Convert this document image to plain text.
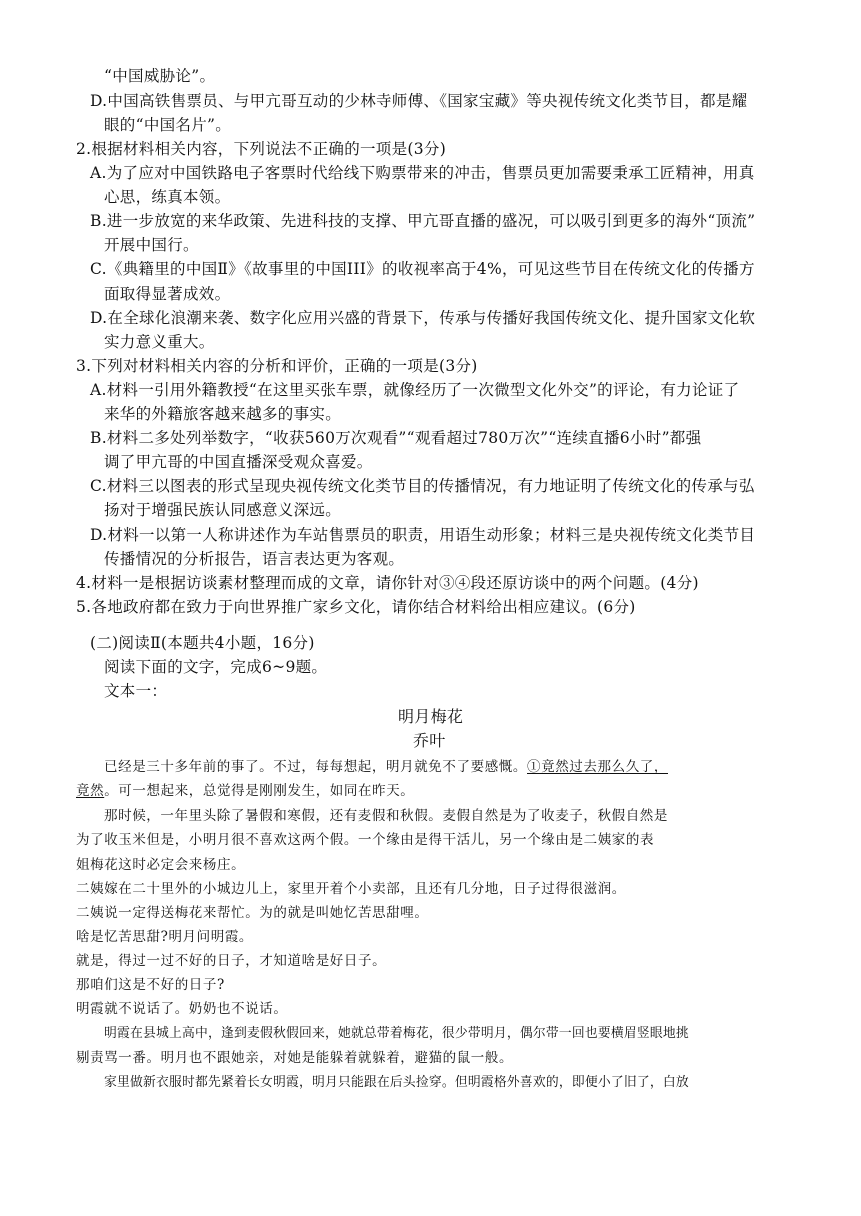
“中国威胁论”。
D.中国高铁售票员、与甲亢哥互动的少林寺师傅、《国家宝藏》等央视传统文化类节目，都是耀
眼的“中国名片”。
2.根据材料相关内容，下列说法不正确的一项是(3分)
A.为了应对中国铁路电子客票时代给线下购票带来的冲击，售票员更加需要秉承工匠精神，用真
心思，练真本领。
B.进一步放宽的来华政策、先进科技的支撑、甲亢哥直播的盛况，可以吸引到更多的海外“顶流”
开展中国行。
C.《典籍里的中国Ⅱ》《故事里的中国III》的收视率高于4%，可见这些节目在传统文化的传播方
面取得显著成效。
D.在全球化浪潮来袭、数字化应用兴盛的背景下，传承与传播好我国传统文化、提升国家文化软
实力意义重大。
3.下列对材料相关内容的分析和评价，正确的一项是(3分)
A.材料一引用外籍教授“在这里买张车票，就像经历了一次微型文化外交”的评论，有力论证了
来华的外籍旅客越来越多的事实。
B.材料二多处列举数字，“收获560万次观看”“观看超过780万次”“连续直播6小时”都强
调了甲亢哥的中国直播深受观众喜爱。
C.材料三以图表的形式呈现央视传统文化类节目的传播情况，有力地证明了传统文化的传承与弘
扬对于增强民族认同感意义深远。
D.材料一以第一人称讲述作为车站售票员的职责，用语生动形象；材料三是央视传统文化类节目
传播情况的分析报告，语言表达更为客观。
4.材料一是根据访谈素材整理而成的文章，请你针对③④段还原访谈中的两个问题。(4分)
5.各地政府都在致力于向世界推广家乡文化，请你结合材料给出相应建议。(6分)
(二)阅读Ⅱ(本题共4小题，16分)
阅读下面的文字，完成6~9题。
文本一：
明月梅花
乔叶
已经是三十多年前的事了。不过，每每想起，明月就免不了要感慨。①竟然过去那么久了，
竟然。可一想起来，总觉得是刚刚发生，如同在昨天。
那时候，一年里头除了暑假和寒假，还有麦假和秋假。麦假自然是为了收麦子，秋假自然是
为了收玉米但是，小明月很不喜欢这两个假。一个缘由是得干活儿，另一个缘由是二姨家的表
姐梅花这时必定会来杨庄。
二姨嫁在二十里外的小城边儿上，家里开着个小卖部，且还有几分地，日子过得很滋润。
二姨说一定得送梅花来帮忙。为的就是叫她忆苦思甜哩。
啥是忆苦思甜?明月问明霞。
就是，得过一过不好的日子，才知道啥是好日子。
那咱们这是不好的日子?
明霞就不说话了。奶奶也不说话。
明霞在县城上高中，逢到麦假秋假回来，她就总带着梅花，很少带明月，偶尔带一回也要横眉竖眼地挑
剔责骂一番。明月也不跟她亲，对她是能躲着就躲着，避猫的鼠一般。
家里做新衣服时都先紧着长女明霞，明月只能跟在后头捡穿。但明霞格外喜欢的，即便小了旧了，白放
